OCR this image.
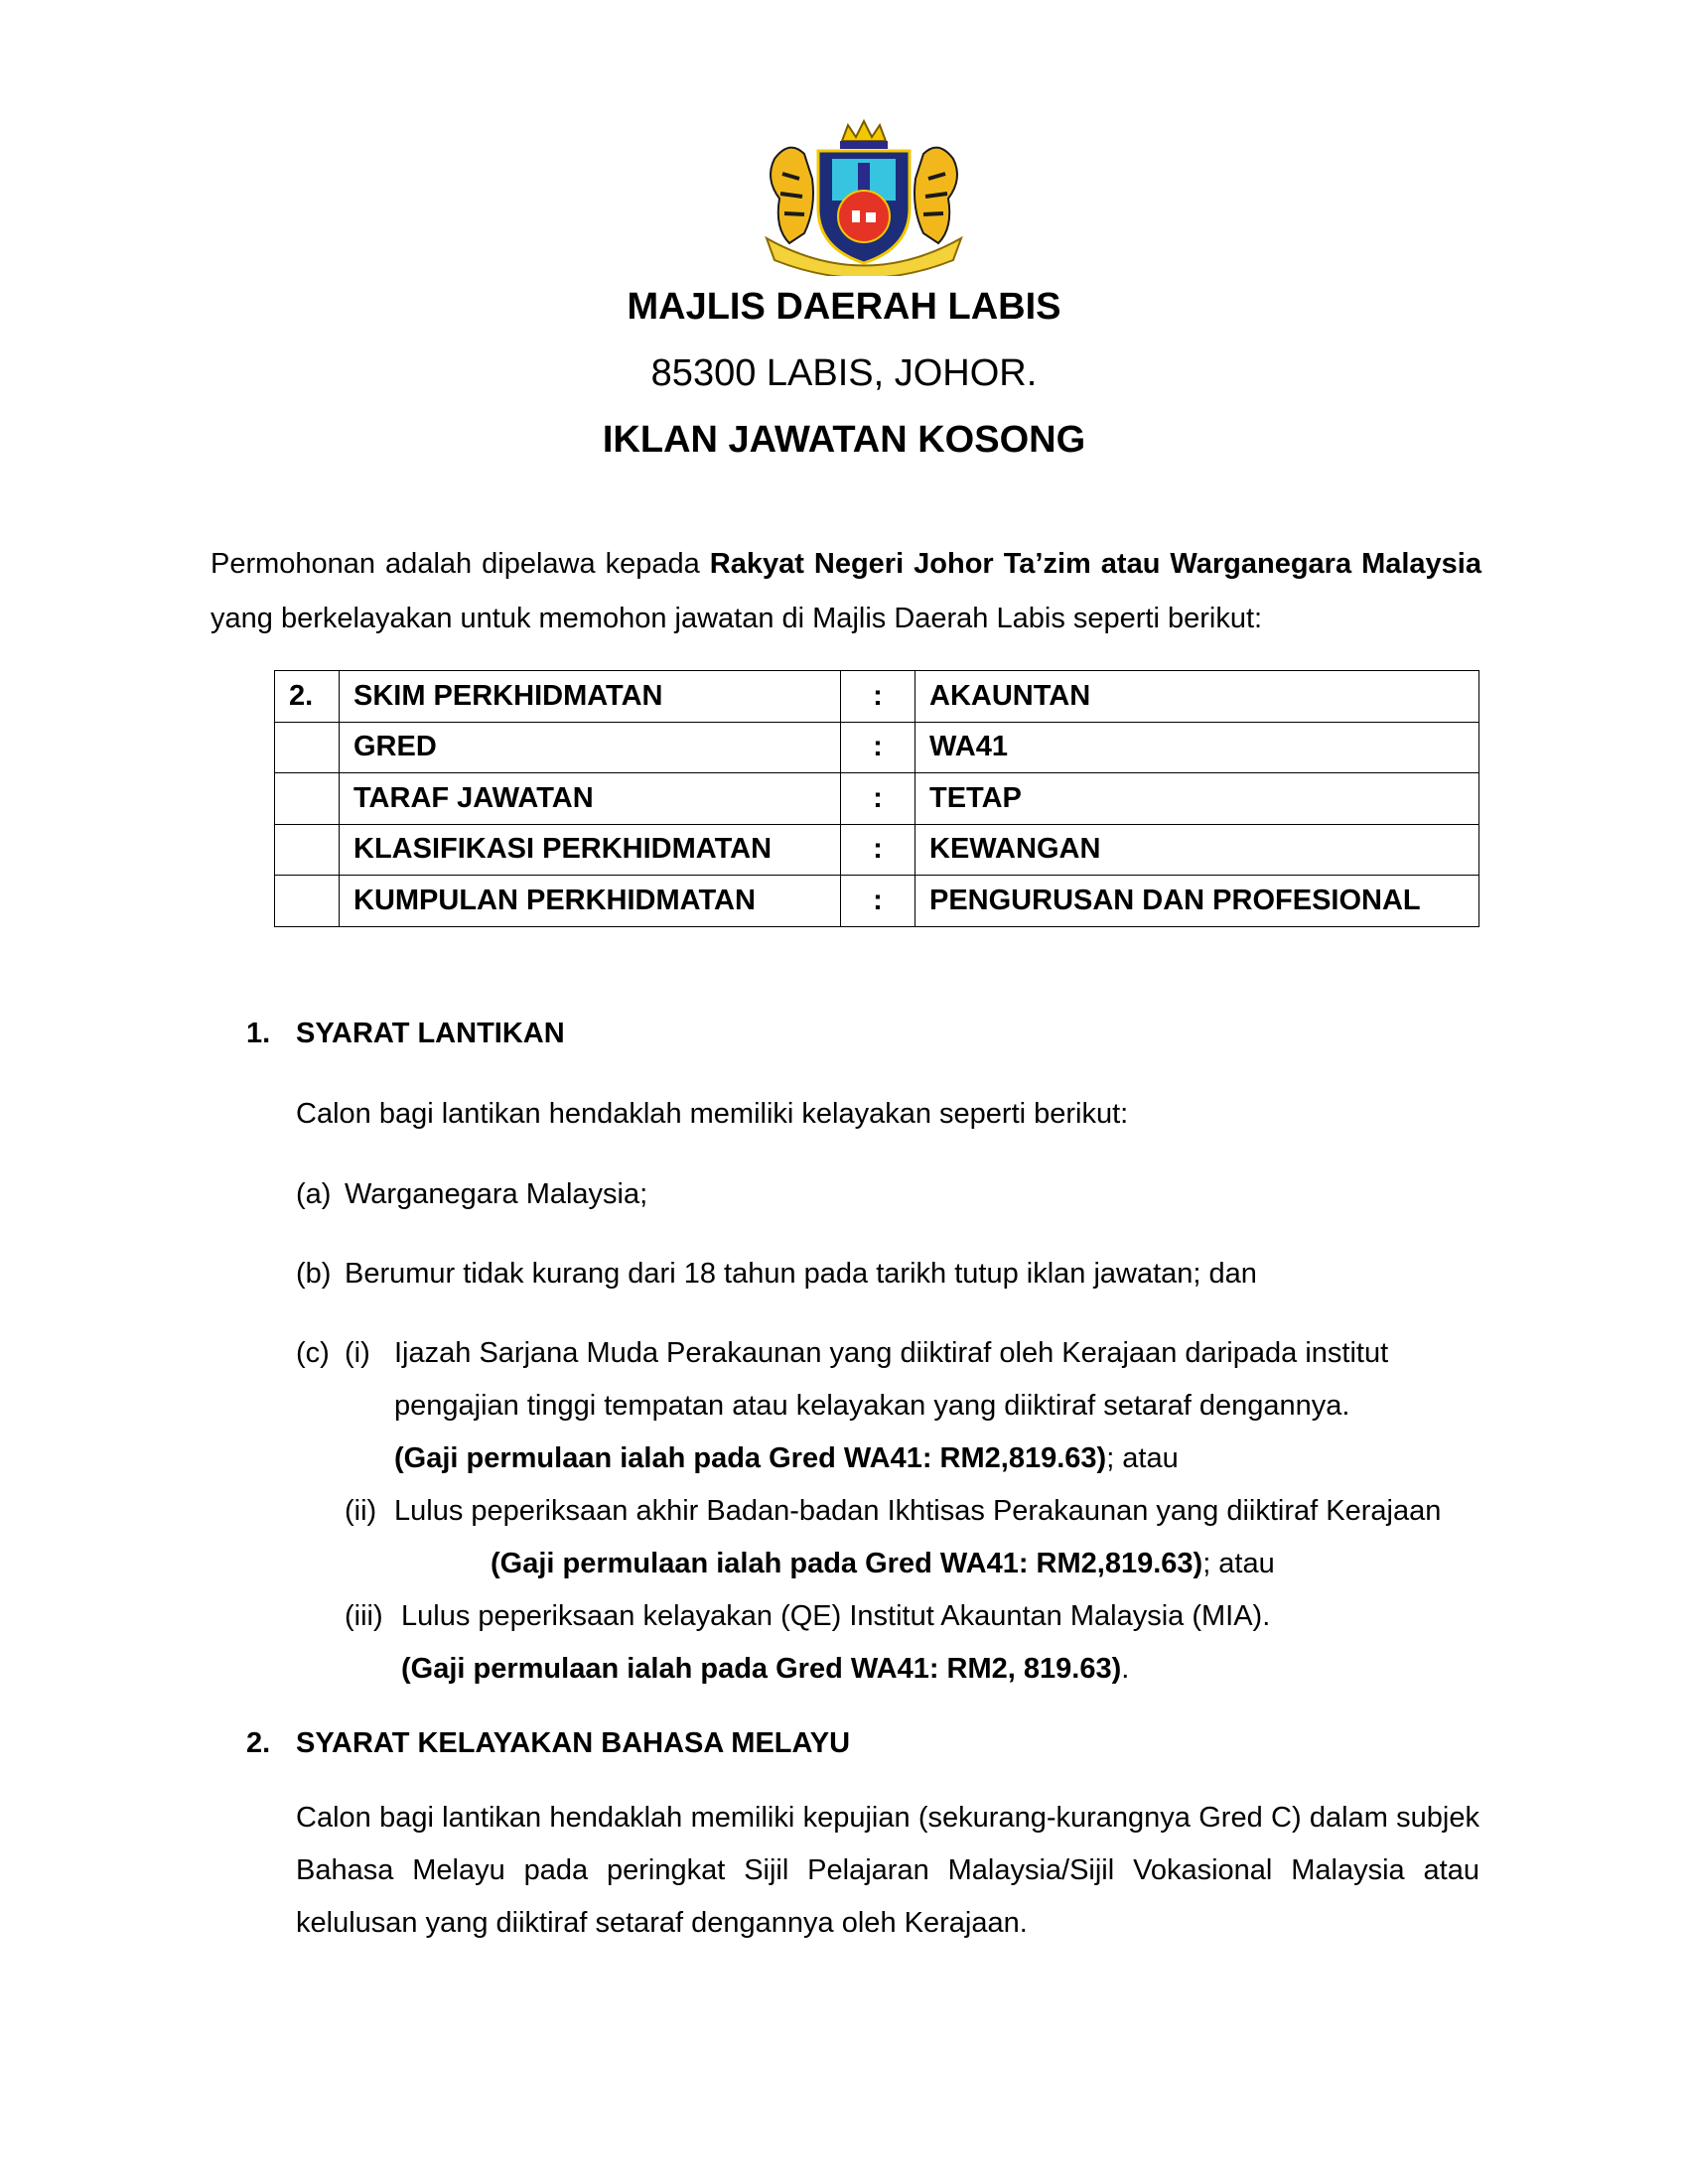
MAJLIS DAERAH LABIS
85300 LABIS, JOHOR.
IKLAN JAWATAN KOSONG
Permohonan adalah dipelawa kepada Rakyat Negeri Johor Ta’zim atau Warganegara Malaysia yang berkelayakan untuk memohon jawatan di Majlis Daerah Labis seperti berikut:
2.	SKIM PERKHIDMATAN	:	AKAUNTAN
	GRED	:	WA41
	TARAF JAWATAN	:	TETAP
	KLASIFIKASI PERKHIDMATAN	:	KEWANGAN
	KUMPULAN PERKHIDMATAN	:	PENGURUSAN DAN PROFESIONAL
1. SYARAT LANTIKAN
Calon bagi lantikan hendaklah memiliki kelayakan seperti berikut:
(a) Warganegara Malaysia;
(b) Berumur tidak kurang dari 18 tahun pada tarikh tutup iklan jawatan; dan
(c) (i) Ijazah Sarjana Muda Perakaunan yang diiktiraf oleh Kerajaan daripada institut
pengajian tinggi tempatan atau kelayakan yang diiktiraf setaraf dengannya.
(Gaji permulaan ialah pada Gred WA41: RM2,819.63); atau
(ii) Lulus peperiksaan akhir Badan-badan Ikhtisas Perakaunan yang diiktiraf Kerajaan
(Gaji permulaan ialah pada Gred WA41: RM2,819.63); atau
(iii) Lulus peperiksaan kelayakan (QE) Institut Akauntan Malaysia (MIA).
(Gaji permulaan ialah pada Gred WA41: RM2, 819.63).
2. SYARAT KELAYAKAN BAHASA MELAYU
Calon bagi lantikan hendaklah memiliki kepujian (sekurang-kurangnya Gred C) dalam subjek Bahasa Melayu pada peringkat Sijil Pelajaran Malaysia/Sijil Vokasional Malaysia atau kelulusan yang diiktiraf setaraf dengannya oleh Kerajaan.
